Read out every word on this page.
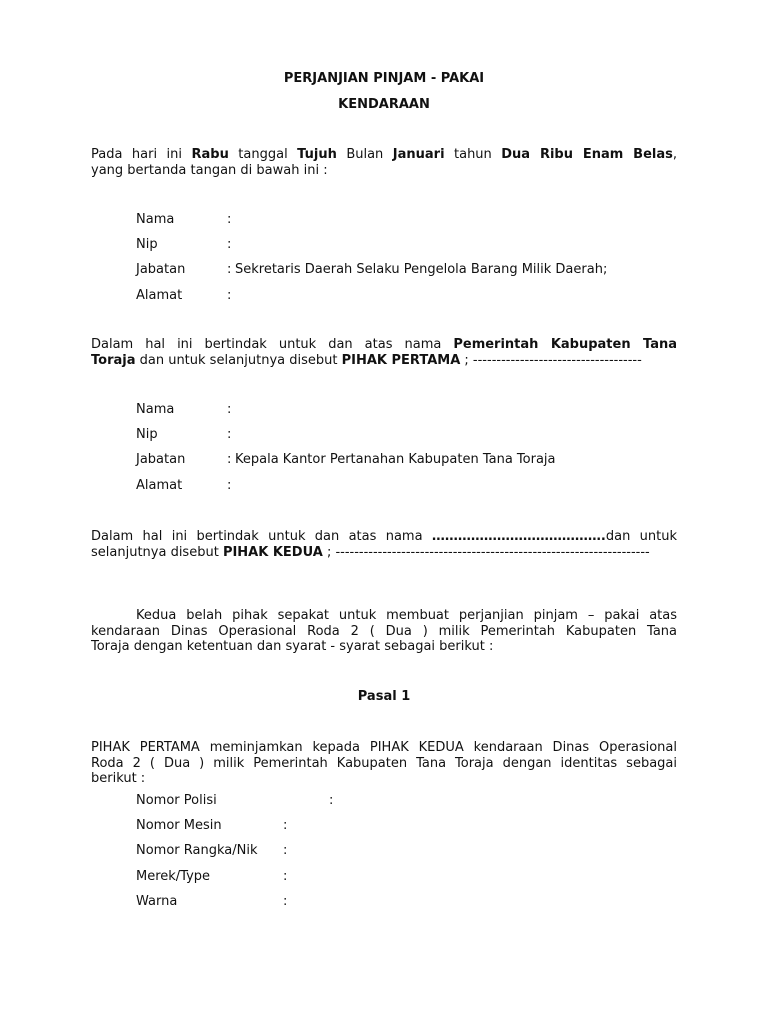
PERJANJIAN PINJAM - PAKAI
KENDARAAN
Pada hari ini Rabu tanggal Tujuh Bulan Januari tahun Dua Ribu Enam Belas,
yang bertanda tangan di bawah ini :
Nama	:
Nip	:
Jabatan	: Sekretaris Daerah Selaku Pengelola Barang Milik Daerah;
Alamat	:
Dalam hal ini bertindak untuk dan atas nama Pemerintah Kabupaten Tana
Toraja dan untuk selanjutnya disebut PIHAK PERTAMA ; ------------------------------------
Nama	:
Nip	:
Jabatan	: Kepala Kantor Pertanahan Kabupaten Tana Toraja
Alamat	:
Dalam hal ini bertindak untuk dan atas nama ………………………………….dan untuk
selanjutnya disebut PIHAK KEDUA ; -------------------------------------------------------------------
Kedua belah pihak sepakat untuk membuat perjanjian pinjam – pakai atas
kendaraan Dinas Operasional Roda 2 ( Dua ) milik Pemerintah Kabupaten Tana
Toraja dengan ketentuan dan syarat - syarat sebagai berikut :
Pasal 1
PIHAK PERTAMA meminjamkan kepada PIHAK KEDUA kendaraan Dinas Operasional
Roda 2 ( Dua ) milik Pemerintah Kabupaten Tana Toraja dengan identitas sebagai
berikut :
Nomor Polisi	:
Nomor Mesin	:
Nomor Rangka/Nik :
Merek/Type	:
Warna	:
